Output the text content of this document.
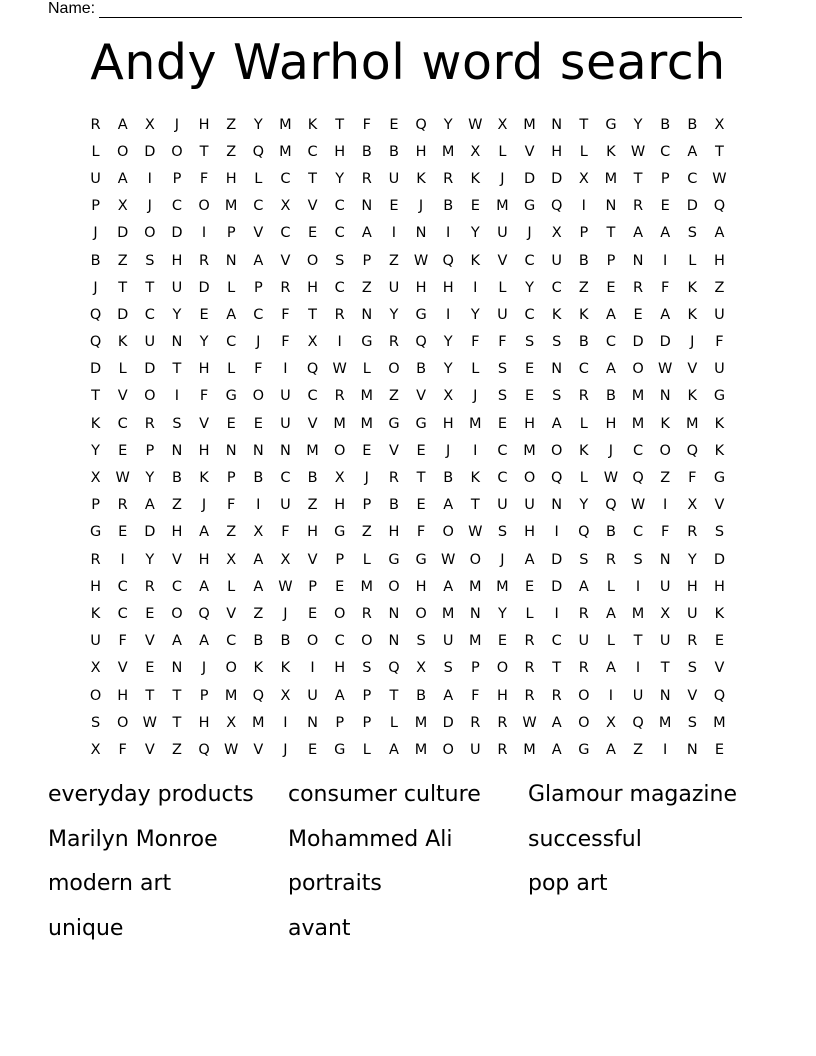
Name:
Andy Warhol word search
R	A	X	J	H	Z	Y	M	K	T	F	E	Q	Y	W	X	M	N	T	G	Y	B	B	X
L	O	D	O	T	Z	Q	M	C	H	B	B	H	M	X	L	V	H	L	K	W	C	A	T
U	A	I	P	F	H	L	C	T	Y	R	U	K	R	K	J	D	D	X	M	T	P	C	W
P	X	J	C	O	M	C	X	V	C	N	E	J	B	E	M	G	Q	I	N	R	E	D	Q
J	D	O	D	I	P	V	C	E	C	A	I	N	I	Y	U	J	X	P	T	A	A	S	A
B	Z	S	H	R	N	A	V	O	S	P	Z	W Q	K	V	C	U	B	P	N	I	L	H
J	T	T	U	D	L	P	R	H	C	Z	U	H	H	I	L	Y	C	Z	E	R	F	K	Z
Q	D	C	Y	E	A	C	F	T	R	N	Y	G	I	Y	U	C	K	K	A	E	A	K	U
Q	K	U	N	Y	C	J	F	X	I	G	R	Q	Y	F	F	S	S	B	C	D	D	J	F
D	L	D	T	H	L	F	I	Q W	L	O	B	Y	L	S	E	N	C	A	O W	V	U
T	V	O	I	F	G	O	U	C	R	M	Z	V	X	J	S	E	S	R	B	M	N	K	G
K	C	R	S	V	E	E	U	V	M	M	G	G	H	M	E	H	A	L	H	M	K	M	K
Y	E	P	N	H	N	N	N	M	O	E	V	E	J	I	C	M	O	K	J	C	O	Q	K
X	W	Y	B	K	P	B	C	B	X	J	R	T	B	K	C	O	Q	L	W Q	Z	F	G
P	R	A	Z	J	F	I	U	Z	H	P	B	E	A	T	U	U	N	Y	Q W	I	X	V
G	E	D	H	A	Z	X	F	H	G	Z	H	F	O W	S	H	I	Q	B	C	F	R	S
R	I	Y	V	H	X	A	X	V	P	L	G	G W O	J	A	D	S	R	S	N	Y	D
H	C	R	C	A	L	A	W	P	E	M	O	H	A	M	M	E	D	A	L	I	U	H	H
K	C	E	O	Q	V	Z	J	E	O	R	N	O	M	N	Y	L	I	R	A	M	X	U	K
U	F	V	A	A	C	B	B	O	C	O	N	S	U	M	E	R	C	U	L	T	U	R	E
X	V	E	N	J	O	K	K	I	H	S	Q	X	S	P	O	R	T	R	A	I	T	S	V
O	H	T	T	P	M	Q	X	U	A	P	T	B	A	F	H	R	R	O	I	U	N	V	Q
S	O W	T	H	X	M	I	N	P	P	L	M	D	R	R	W	A	O	X	Q	M	S	M
X	F	V	Z	Q W	V	J	E	G	L	A	M	O	U	R	M	A	G	A	Z	I	N	E
everyday products	consumer culture	Glamour magazine
Marilyn Monroe	Mohammed Ali	successful
modern art	portraits	pop art
unique	avant
